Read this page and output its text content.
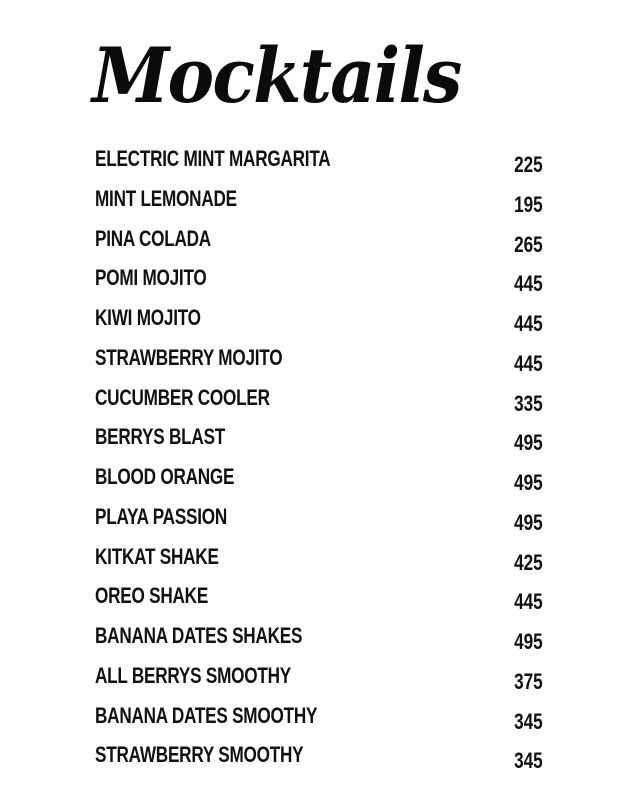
Mocktails
ELECTRIC MINT MARGARITA	225
MINT LEMONADE	195
PINA COLADA	265
POMI MOJITO	445
KIWI MOJITO	445
STRAWBERRY MOJITO	445
CUCUMBER COOLER	335
BERRYS BLAST	495
BLOOD ORANGE	495
PLAYA PASSION	495
KITKAT SHAKE	425
OREO SHAKE	445
BANANA DATES SHAKES	495
ALL BERRYS SMOOTHY	375
BANANA DATES SMOOTHY	345
STRAWBERRY SMOOTHY	345
